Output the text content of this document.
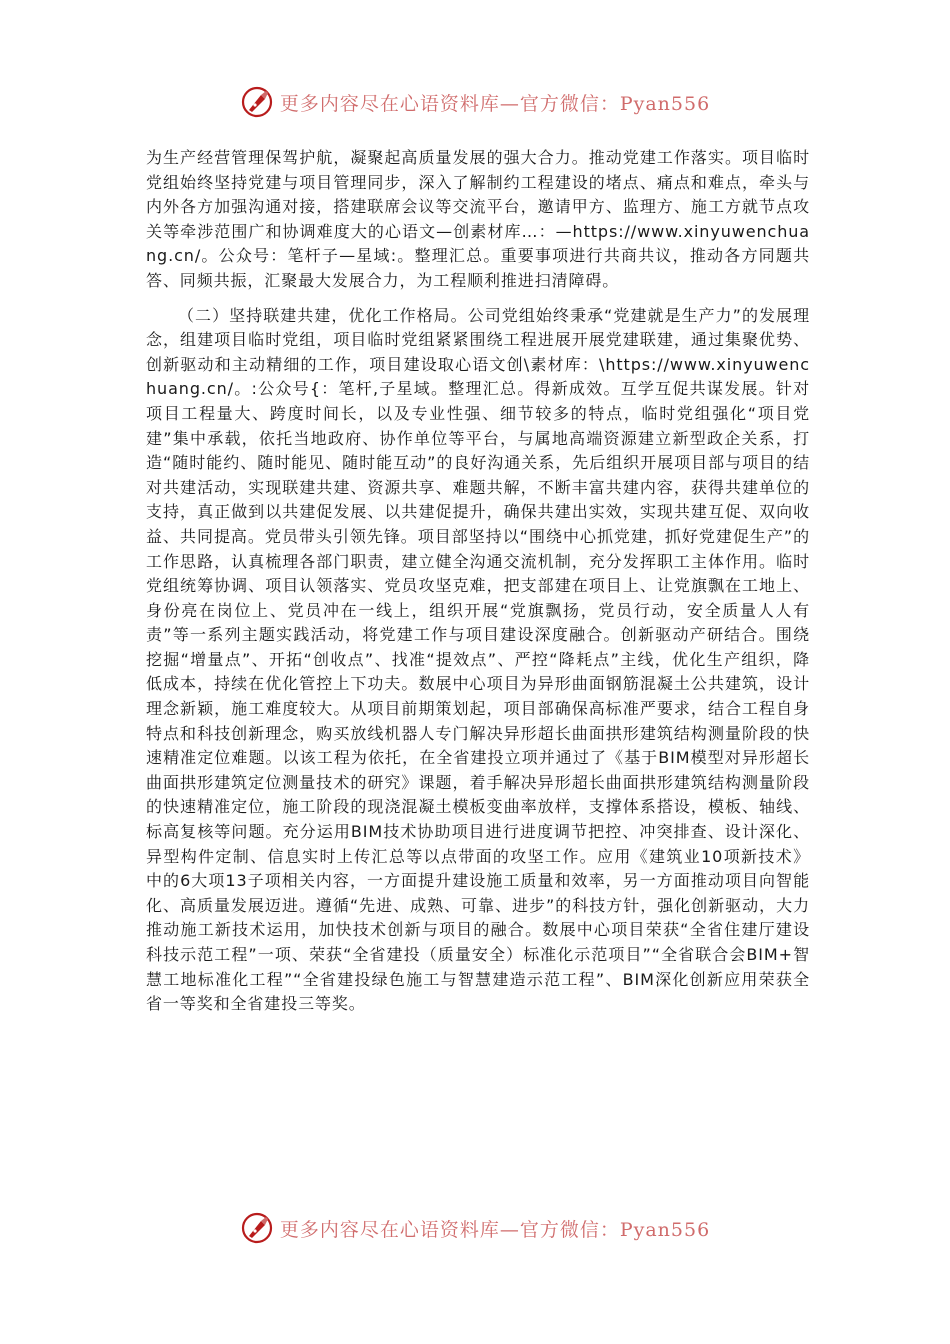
更多内容尽在心语资料库—官方微信：Pyan556

为生产经营管理保驾护航，凝聚起高质量发展的强大合力。推动党建工作落实。项目临时党组始终坚持党建与项目管理同步，深入了解制约工程建设的堵点、痛点和难点，牵头与内外各方加强沟通对接，搭建联席会议等交流平台，邀请甲方、监理方、施工方就节点攻关等牵涉范围广和协调难度大的心语文—创素材库…：—https://www.xinyuwenchuang.cn/。公众号：笔杆子—星域:。整理汇总。重要事项进行共商共议，推动各方同题共答、同频共振，汇聚最大发展合力，为工程顺利推进扫清障碍。

（二）坚持联建共建，优化工作格局。公司党组始终秉承“党建就是生产力”的发展理念，组建项目临时党组，项目临时党组紧紧围绕工程进展开展党建联建，通过集聚优势、创新驱动和主动精细的工作，项目建设取心语文创\素材库：\https://www.xinyuwenchuang.cn/。:公众号{：笔杆,子星域。整理汇总。得新成效。互学互促共谋发展。针对项目工程量大、跨度时间长，以及专业性强、细节较多的特点，临时党组强化“项目党建”集中承载，依托当地政府、协作单位等平台，与属地高端资源建立新型政企关系，打造“随时能约、随时能见、随时能互动”的良好沟通关系，先后组织开展项目部与项目的结对共建活动，实现联建共建、资源共享、难题共解，不断丰富共建内容，获得共建单位的支持，真正做到以共建促发展、以共建促提升，确保共建出实效，实现共建互促、双向收益、共同提高。党员带头引领先锋。项目部坚持以“围绕中心抓党建，抓好党建促生产”的工作思路，认真梳理各部门职责，建立健全沟通交流机制，充分发挥职工主体作用。临时党组统筹协调、项目认领落实、党员攻坚克难，把支部建在项目上、让党旗飘在工地上、身份亮在岗位上、党员冲在一线上，组织开展“党旗飘扬，党员行动，安全质量人人有责”等一系列主题实践活动，将党建工作与项目建设深度融合。创新驱动产研结合。围绕挖掘“增量点”、开拓“创收点”、找准“提效点”、严控“降耗点”主线，优化生产组织，降低成本，持续在优化管控上下功夫。数展中心项目为异形曲面钢筋混凝土公共建筑，设计理念新颖，施工难度较大。从项目前期策划起，项目部确保高标准严要求，结合工程自身特点和科技创新理念，购买放线机器人专门解决异形超长曲面拱形建筑结构测量阶段的快速精准定位难题。以该工程为依托，在全省建投立项并通过了《基于BIM模型对异形超长曲面拱形建筑定位测量技术的研究》课题，着手解决异形超长曲面拱形建筑结构测量阶段的快速精准定位，施工阶段的现浇混凝土模板变曲率放样，支撑体系搭设，模板、轴线、标高复核等问题。充分运用BIM技术协助项目进行进度调节把控、冲突排查、设计深化、异型构件定制、信息实时上传汇总等以点带面的攻坚工作。应用《建筑业10项新技术》中的6大项13子项相关内容，一方面提升建设施工质量和效率，另一方面推动项目向智能化、高质量发展迈进。遵循“先进、成熟、可靠、进步”的科技方针，强化创新驱动，大力推动施工新技术运用，加快技术创新与项目的融合。数展中心项目荣获“全省住建厅建设科技示范工程”一项、荣获“全省建投（质量安全）标准化示范项目”“全省联合会BIM+智慧工地标准化工程”“全省建投绿色施工与智慧建造示范工程”、BIM深化创新应用荣获全省一等奖和全省建投三等奖。

更多内容尽在心语资料库—官方微信：Pyan556
